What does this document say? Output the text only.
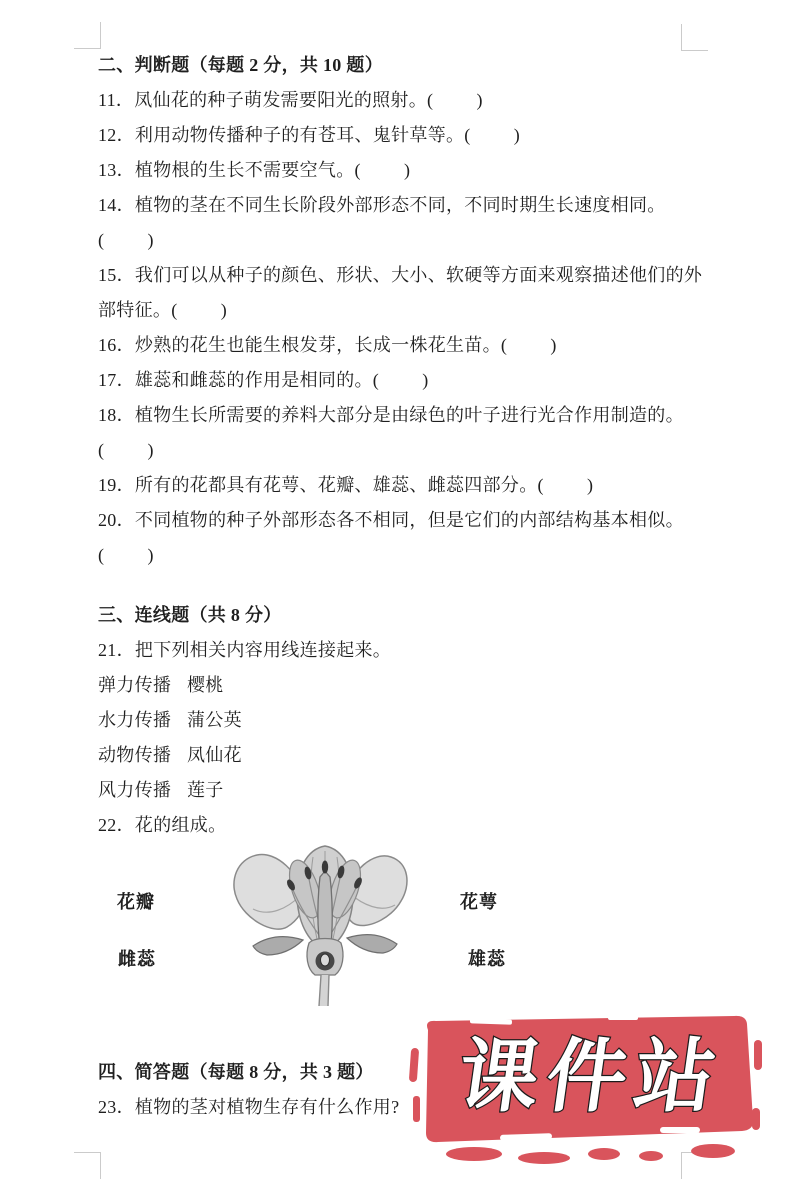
二、判断题（每题 2 分，共 10 题）
11．凤仙花的种子萌发需要阳光的照射。(         )
12．利用动物传播种子的有苍耳、鬼针草等。(         )
13．植物根的生长不需要空气。(         )
14．植物的茎在不同生长阶段外部形态不同，不同时期生长速度相同。
(         )
15．我们可以从种子的颜色、形状、大小、软硬等方面来观察描述他们的外
部特征。(         )
16．炒熟的花生也能生根发芽，长成一株花生苗。(         )
17．雄蕊和雌蕊的作用是相同的。(         )
18．植物生长所需要的养料大部分是由绿色的叶子进行光合作用制造的。
(         )
19．所有的花都具有花萼、花瓣、雄蕊、雌蕊四部分。(         )
20．不同植物的种子外部形态各不相同，但是它们的内部结构基本相似。
(         )
三、连线题（共 8 分）
21．把下列相关内容用线连接起来。
弹力传播 樱桃
水力传播 蒲公英
动物传播 凤仙花
风力传播 莲子
22．花的组成。
花瓣	花萼
雌蕊	雄蕊
四、简答题（每题 8 分，共 3 题）
23．植物的茎对植物生存有什么作用? 课件站
